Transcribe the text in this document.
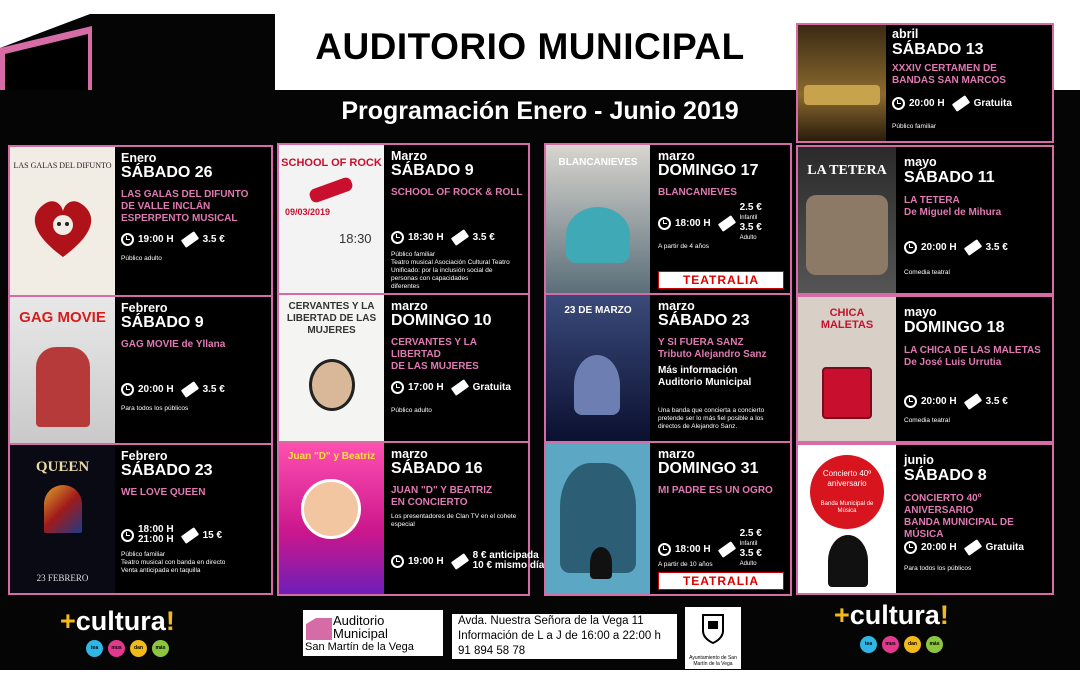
AUDITORIO MUNICIPAL
Programación Enero - Junio 2019
LAS GALAS DEL DIFUNTO
Enero
SÁBADO 26
LAS GALAS DEL DIFUNTO
DE VALLE INCLÁN
ESPERPENTO MUSICAL
19:00 H	3.5 €
Público adulto
GAG MOVIE
Febrero
SÁBADO 9
GAG MOVIE de Yllana
20:00 H	3.5 €
Para todos los públicos
QUEEN
23 FEBRERO
Febrero
SÁBADO 23
WE LOVE QUEEN
18:00 H
21:00 H	15 €
Público familiar
Teatro musical con banda en directo
Venta anticipada en taquilla
SCHOOL OF ROCK
09/03/2019
18:30
Marzo
SÁBADO 9
SCHOOL OF ROCK & ROLL
18:30 H	3.5 €
Público familiar
Teatro musical Asociación Cultural Teatro
Unificado: por la inclusión social de
personas con capacidades
diferentes
CERVANTES Y LA LIBERTAD DE LAS MUJERES
marzo
DOMINGO 10
CERVANTES Y LA LIBERTAD
DE LAS MUJERES
17:00 H	Gratuita
Público adulto
Juan "D" y Beatriz	marzo
SÁBADO 16
JUAN "D" Y BEATRIZ
EN CONCIERTO
Los presentadores de Clan TV en el cohete especial
19:00 H	8 € anticipada
10 € mismo día
BLANCANIEVES	marzo
DOMINGO 17
BLANCANIEVES
18:00 H
2.5 €
Infantil
3.5 €
Adulto
A partir de 4 años
TEATRALIA
23 DE MARZO	marzo
SÁBADO 23
Y SI FUERA SANZ
Tributo Alejandro Sanz
Más información
Auditorio Municipal
Una banda que concierta a concierto
pretende ser lo más fiel posible a los
directos de Alejandro Sanz.
marzo
DOMINGO 31
MI PADRE ES UN OGRO
18:00 H
2.5 €
Infantil
3.5 €
Adulto
A partir de 10 años
TEATRALIA
abril
SÁBADO 13
XXXIV CERTAMEN DE
BANDAS SAN MARCOS
20:00 H	Gratuita
Público familiar
LA TETERA
mayo
SÁBADO 11
LA TETERA
De Miguel de Mihura
20:00 H	3.5 €
Comedia teatral
CHICA MALETAS
mayo
DOMINGO 18
LA CHICA DE LAS MALETAS
De José Luis Urrutia
20:00 H	3.5 €
Comedia teatral
Concierto 40º aniversario
Banda Municipal de Música
junio
SÁBADO 8
CONCIERTO 40º ANIVERSARIO
BANDA MUNICIPAL DE MÚSICA
20:00 H	Gratuita
Para todos los públicos
+cultura!
tea	mus	dan	más
Auditorio
Municipal
San Martín de la Vega
Avda. Nuestra Señora de la Vega 11
Información de L a J de 16:00 a 22:00 h
91 894 58 78
Ayuntamiento de San Martín de la Vega
+cultura!
tea	mus	dan	más
